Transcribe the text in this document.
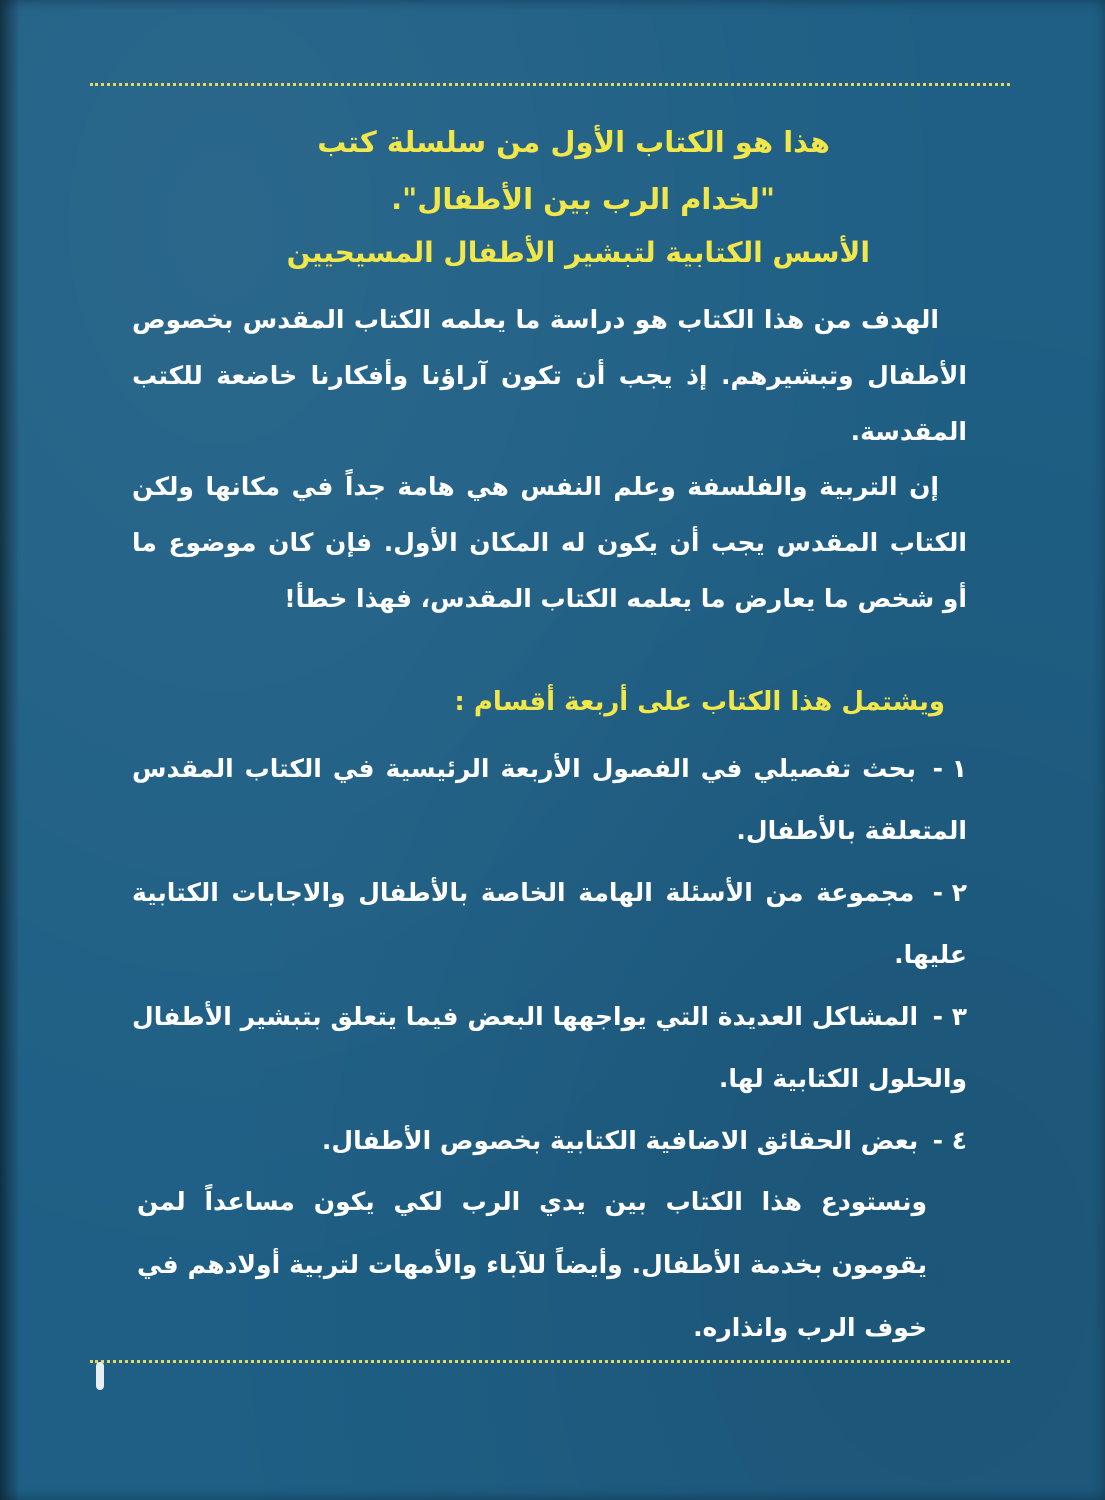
هذا هو الكتاب الأول من سلسلة كتب
"لخدام الرب بين الأطفال".
الأسس الكتابية لتبشير الأطفال المسيحيين

الهدف من هذا الكتاب هو دراسة ما يعلمه الكتاب المقدس بخصوص الأطفال وتبشيرهم. إذ يجب أن تكون آراؤنا وأفكارنا خاضعة للكتب المقدسة.

إن التربية والفلسفة وعلم النفس هي هامة جداً في مكانها ولكن الكتاب المقدس يجب أن يكون له المكان الأول. فإن كان موضوع ما أو شخص ما يعارض ما يعلمه الكتاب المقدس، فهذا خطأ!

ويشتمل هذا الكتاب على أربعة أقسام :

١ - بحث تفصيلي في الفصول الأربعة الرئيسية في الكتاب المقدس المتعلقة بالأطفال.
٢ - مجموعة من الأسئلة الهامة الخاصة بالأطفال والاجابات الكتابية عليها.
٣ - المشاكل العديدة التي يواجهها البعض فيما يتعلق بتبشير الأطفال والحلول الكتابية لها.
٤ - بعض الحقائق الاضافية الكتابية بخصوص الأطفال.

ونستودع هذا الكتاب بين يدي الرب لكي يكون مساعداً لمن يقومون بخدمة الأطفال. وأيضاً للآباء والأمهات لتربية أولادهم في خوف الرب وانذاره.
